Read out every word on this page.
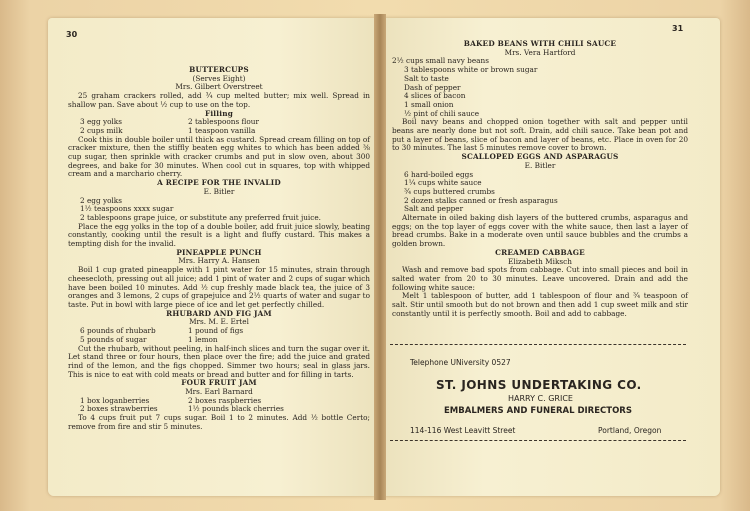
30
31
BUTTERCUPS
(Serves Eight)
Mrs. Gilbert Overstreet
25 graham crackers rolled, add ¾ cup melted butter; mix well. Spread in shallow pan. Save about ½ cup to use on the top.
Filling
3 egg yolks	2 tablespoons flour
2 cups milk	1 teaspoon vanilla
Cook this in double boiler until thick as custard. Spread cream filling on top of cracker mixture, then the stiffly beaten egg whites to which has been added ⅜ cup sugar, then sprinkle with cracker crumbs and put in slow oven, about 300 degrees, and bake for 30 minutes. When cool cut in squares, top with whipped cream and a marchario cherry.
A RECIPE FOR THE INVALID
E. Bitler
2 egg yolks
1½ teaspoons xxxx sugar
2 tablespoons grape juice, or substitute any preferred fruit juice.
Place the egg yolks in the top of a double boiler, add fruit juice slowly, beating constantly, cooking until the result is a light and fluffy custard. This makes a tempting dish for the invalid.
PINEAPPLE PUNCH
Mrs. Harry A. Hansen
Boil 1 cup grated pineapple with 1 pint water for 15 minutes, strain through cheesecloth, pressing out all juice; add 1 pint of water and 2 cups of sugar which have been boiled 10 minutes. Add ½ cup freshly made black tea, the juice of 3 oranges and 3 lemons, 2 cups of grapejuice and 2½ quarts of water and sugar to taste. Put in bowl with large piece of ice and let get perfectly chilled.
RHUBARD AND FIG JAM
Mrs. M. E. Ertel
6 pounds of rhubarb	1 pound of figs
5 pounds of sugar	1 lemon
Cut the rhubarb, without peeling, in half-inch slices and turn the sugar over it. Let stand three or four hours, then place over the fire; add the juice and grated rind of the lemon, and the figs chopped. Simmer two hours; seal in glass jars. This is nice to eat with cold meats or bread and butter and for filling in tarts.
FOUR FRUIT JAM
Mrs. Earl Barnard
1 box loganberries	2 boxes raspberries
2 boxes strawberries	1½ pounds black cherries
To 4 cups fruit put 7 cups sugar. Boil 1 to 2 minutes. Add ½ bottle Certo; remove from fire and stir 5 minutes.
BAKED BEANS WITH CHILI SAUCE
Mrs. Vera Hartford
2½ cups small navy beans
3 tablespoons white or brown sugar
Salt to taste
Dash of pepper
4 slices of bacon
1 small onion
½ pint of chili sauce
Boil navy beans and chopped onion together with salt and pepper until beans are nearly done but not soft. Drain, add chili sauce. Take bean pot and put a layer of beans, slice of bacon and layer of beans, etc. Place in oven for 20 to 30 minutes. The last 5 minutes remove cover to brown.
SCALLOPED EGGS AND ASPARAGUS
E. Bitler
6 hard-boiled eggs
1¼ cups white sauce
¾ cups buttered crumbs
2 dozen stalks canned or fresh asparagus
Salt and pepper
Alternate in oiled baking dish layers of the buttered crumbs, asparagus and eggs; on the top layer of eggs cover with the white sauce, then last a layer of bread crumbs. Bake in a moderate oven until sauce bubbles and the crumbs a golden brown.
CREAMED CABBAGE
Elizabeth Miksch
Wash and remove bad spots from cabbage. Cut into small pieces and boil in salted water from 20 to 30 minutes. Leave uncovered. Drain and add the following white sauce:
Melt 1 tablespoon of butter, add 1 tablespoon of flour and ¾ teaspoon of salt. Stir until smooth but do not brown and then add 1 cup sweet milk and stir constantly until it is perfectly smooth. Boil and add to cabbage.
Telephone UNiversity 0527
ST. JOHNS UNDERTAKING CO.
HARRY C. GRICE
EMBALMERS AND FUNERAL DIRECTORS
114-116 West Leavitt Street	Portland, Oregon
